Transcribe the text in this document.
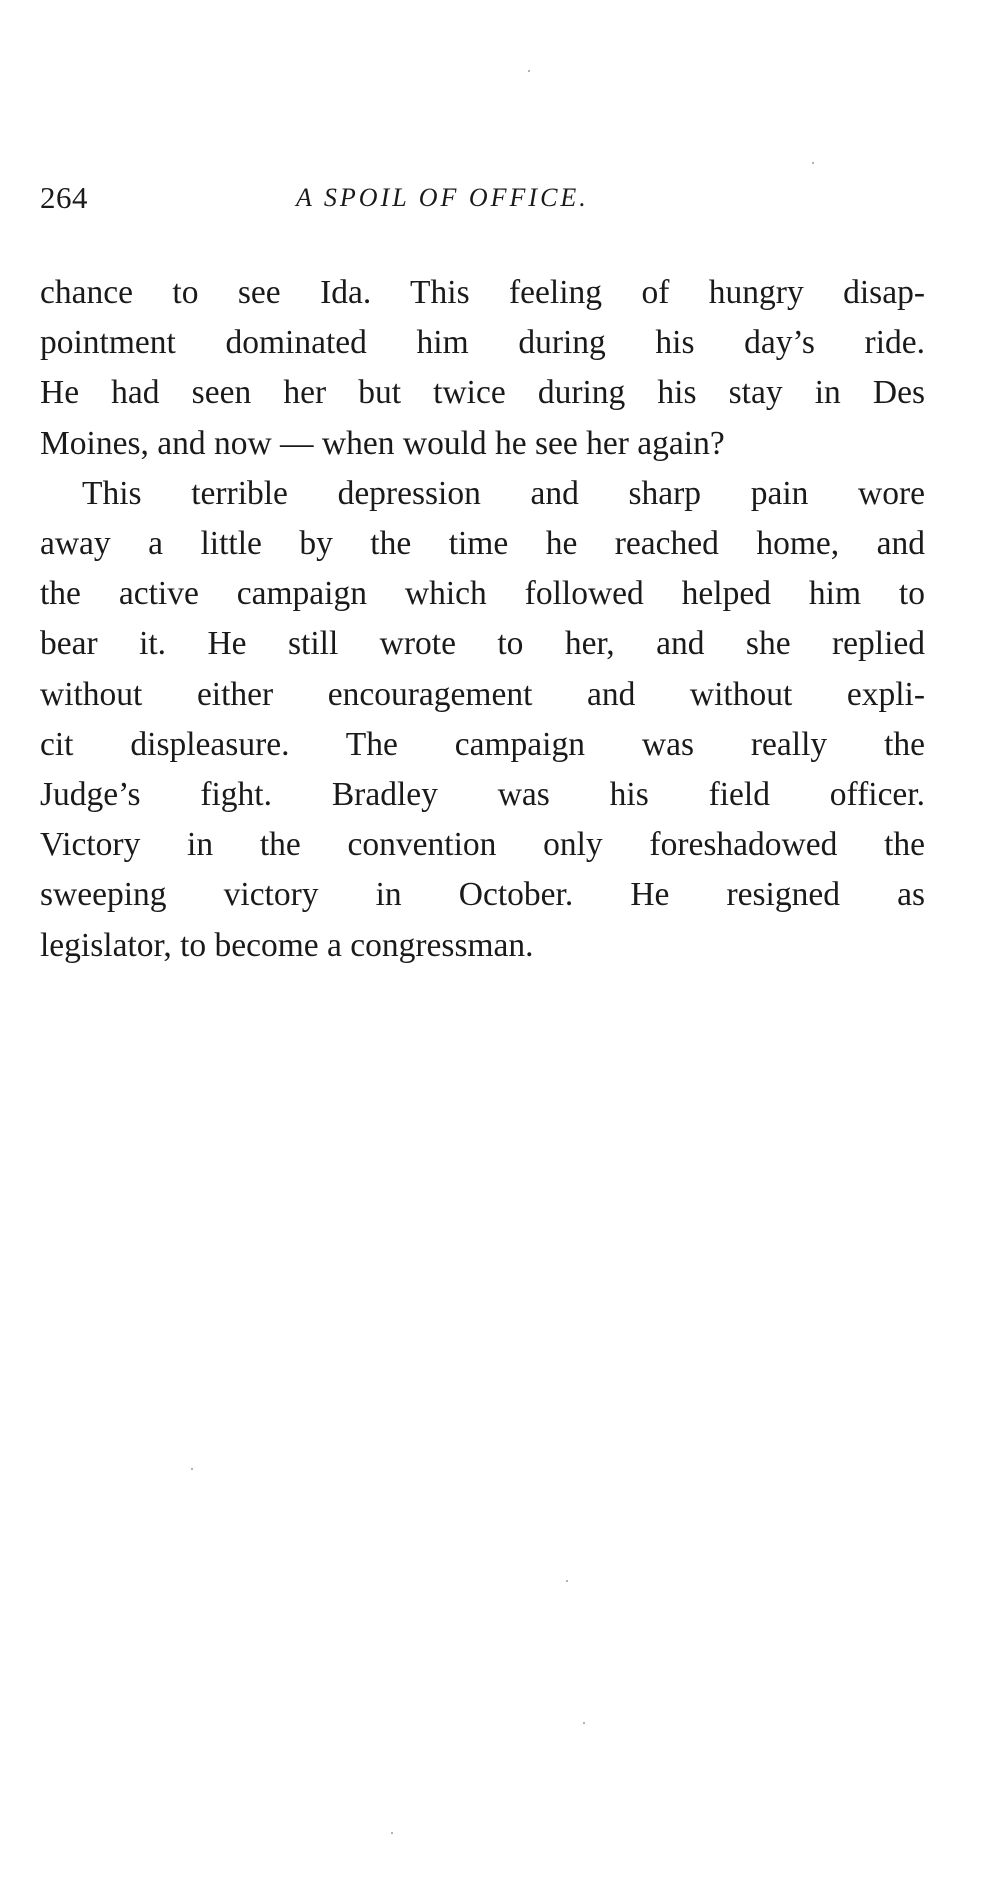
264	A SPOIL OF OFFICE.

chance to see Ida. This feeling of hungry disap-

pointment dominated him during his day’s ride.

He had seen her but twice during his stay in Des

Moines, and now — when would he see her again?

This terrible depression and sharp pain wore

away a little by the time he reached home, and

the active campaign which followed helped him to

bear it. He still wrote to her, and she replied

without either encouragement and without expli-

cit displeasure. The campaign was really the

Judge’s fight. Bradley was his field officer.

Victory in the convention only foreshadowed the

sweeping victory in October. He resigned as

legislator, to become a congressman.
